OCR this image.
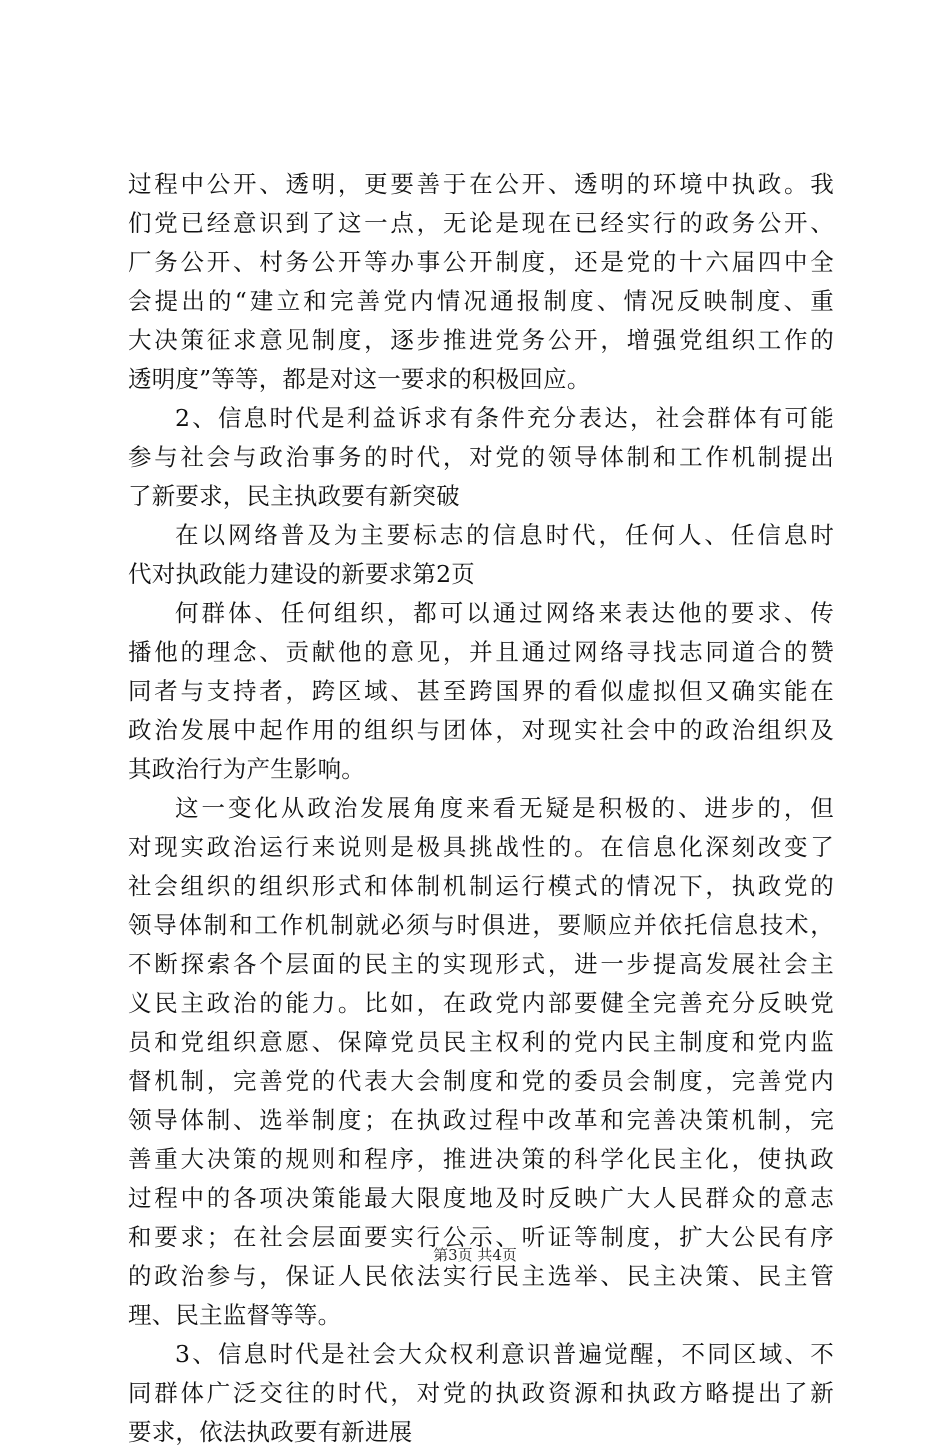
过程中公开、透明，更要善于在公开、透明的环境中执政。我
们党已经意识到了这一点，无论是现在已经实行的政务公开、
厂务公开、村务公开等办事公开制度，还是党的十六届四中全
会提出的“建立和完善党内情况通报制度、情况反映制度、重
大决策征求意见制度，逐步推进党务公开，增强党组织工作的
透明度”等等，都是对这一要求的积极回应。
2、信息时代是利益诉求有条件充分表达，社会群体有可能
参与社会与政治事务的时代，对党的领导体制和工作机制提出
了新要求，民主执政要有新突破
在以网络普及为主要标志的信息时代，任何人、任信息时
代对执政能力建设的新要求第2页
何群体、任何组织，都可以通过网络来表达他的要求、传
播他的理念、贡献他的意见，并且通过网络寻找志同道合的赞
同者与支持者，跨区域、甚至跨国界的看似虚拟但又确实能在
政治发展中起作用的组织与团体，对现实社会中的政治组织及
其政治行为产生影响。
这一变化从政治发展角度来看无疑是积极的、进步的，但
对现实政治运行来说则是极具挑战性的。在信息化深刻改变了
社会组织的组织形式和体制机制运行模式的情况下，执政党的
领导体制和工作机制就必须与时俱进，要顺应并依托信息技术，
不断探索各个层面的民主的实现形式，进一步提高发展社会主
义民主政治的能力。比如，在政党内部要健全完善充分反映党
员和党组织意愿、保障党员民主权利的党内民主制度和党内监
督机制，完善党的代表大会制度和党的委员会制度，完善党内
领导体制、选举制度；在执政过程中改革和完善决策机制，完
善重大决策的规则和程序，推进决策的科学化民主化，使执政
过程中的各项决策能最大限度地及时反映广大人民群众的意志
和要求；在社会层面要实行公示、听证等制度，扩大公民有序
的政治参与，保证人民依法实行民主选举、民主决策、民主管
理、民主监督等等。
3、信息时代是社会大众权利意识普遍觉醒，不同区域、不
同群体广泛交往的时代，对党的执政资源和执政方略提出了新
要求，依法执政要有新进展
第3页 共4页
